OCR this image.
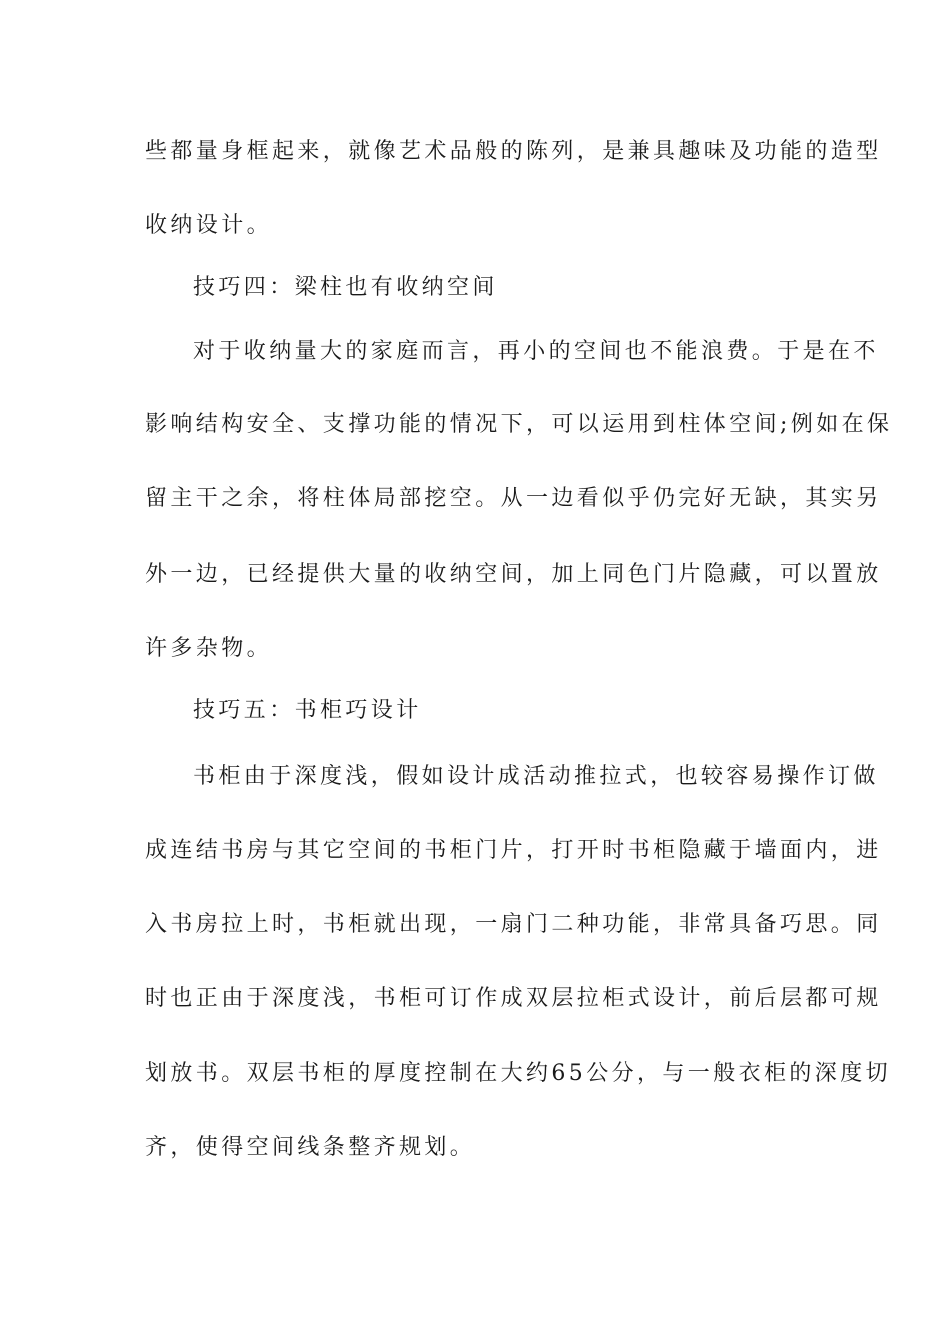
些都量身框起来，就像艺术品般的陈列，是兼具趣味及功能的造型
收纳设计。
技巧四：梁柱也有收纳空间
对于收纳量大的家庭而言，再小的空间也不能浪费。于是在不
影响结构安全、支撑功能的情况下，可以运用到柱体空间;例如在保
留主干之余，将柱体局部挖空。从一边看似乎仍完好无缺，其实另
外一边，已经提供大量的收纳空间，加上同色门片隐藏，可以置放
许多杂物。
技巧五：书柜巧设计
书柜由于深度浅，假如设计成活动推拉式，也较容易操作订做
成连结书房与其它空间的书柜门片，打开时书柜隐藏于墙面内，进
入书房拉上时，书柜就出现，一扇门二种功能，非常具备巧思。同
时也正由于深度浅，书柜可订作成双层拉柜式设计，前后层都可规
划放书。双层书柜的厚度控制在大约65公分，与一般衣柜的深度切
齐，使得空间线条整齐规划。
